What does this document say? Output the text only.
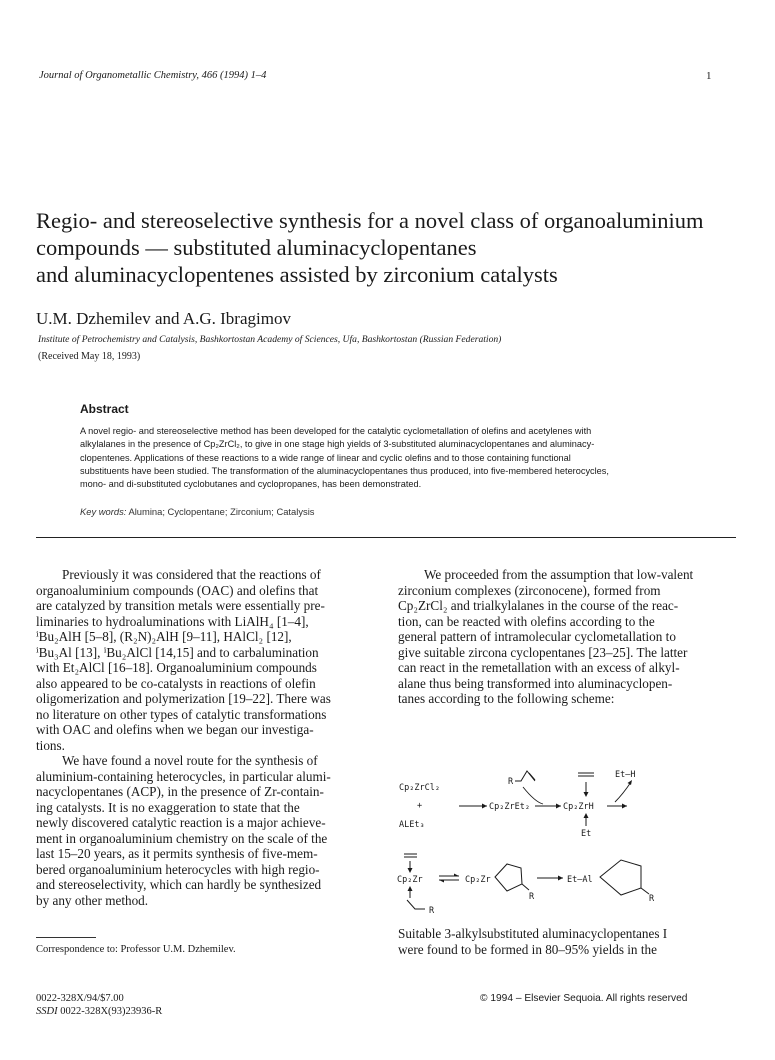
Journal of Organometallic Chemistry, 466 (1994) 1–4	1
Regio- and stereoselective synthesis for a novel class of organoaluminium
compounds — substituted aluminacyclopentanes
and aluminacyclopentenes assisted by zirconium catalysts
U.M. Dzhemilev and A.G. Ibragimov
Institute of Petrochemistry and Catalysis, Bashkortostan Academy of Sciences, Ufa, Bashkortostan (Russian Federation)
(Received May 18, 1993)
Abstract
A novel regio- and stereoselective method has been developed for the catalytic cyclometallation of olefins and acetylenes with
alkylalanes in the presence of Cp₂ZrCl₂, to give in one stage high yields of 3-substituted aluminacyclopentanes and aluminacy-
clopentenes. Applications of these reactions to a wide range of linear and cyclic olefins and to those containing functional
substituents have been studied. The transformation of the aluminacyclopentanes thus produced, into five-membered heterocycles,
mono- and di-substituted cyclobutanes and cyclopropanes, has been demonstrated.
Key words: Alumina; Cyclopentane; Zirconium; Catalysis
Previously it was considered that the reactions of
organoaluminium compounds (OAC) and olefins that
are catalyzed by transition metals were essentially pre-
liminaries to hydroaluminations with LiAlH₄ [1–4],
ⁱBu₂AlH [5–8], (R₂N)₂AlH [9–11], HAlCl₂ [12],
ⁱBu₃Al [13], ⁱBu₂AlCl [14,15] and to carbalumination
with Et₂AlCl [16–18]. Organoaluminium compounds
also appeared to be co-catalysts in reactions of olefin
oligomerization and polymerization [19–22]. There was
no literature on other types of catalytic transformations
with OAC and olefins when we began our investiga-
tions.
We have found a novel route for the synthesis of
aluminium-containing heterocycles, in particular alumi-
nacyclopentanes (ACP), in the presence of Zr-contain-
ing catalysts. It is no exaggeration to state that the
newly discovered catalytic reaction is a major achieve-
ment in organoaluminium chemistry on the scale of the
last 15–20 years, as it permits synthesis of five-mem-
bered organoaluminium heterocycles with high regio-
and stereoselectivity, which can hardly be synthesized
by any other method.
We proceeded from the assumption that low-valent
zirconium complexes (zirconocene), formed from
Cp₂ZrCl₂ and trialkylalanes in the course of the reac-
tion, can be reacted with olefins according to the
general pattern of intramolecular cyclometallation to
give suitable zircona cyclopentanes [23–25]. The latter
can react in the remetallation with an excess of alkyl-
alane thus being transformed into aluminacyclopen-
tanes according to the following scheme:
Cp₂ZrCl₂
+
ALEt₃
Cp₂ZrEt₂	Cp₂ZrH
R
Et
Et–H
Cp₂Zr
R
Cp₂Zr
R
Et–Al
R
Suitable 3-alkylsubstituted aluminacyclopentanes I
were found to be formed in 80–95% yields in the
Correspondence to: Professor U.M. Dzhemilev.
0022-328X/94/$7.00
SSDI 0022-328X(93)23936-R
© 1994 – Elsevier Sequoia. All rights reserved
